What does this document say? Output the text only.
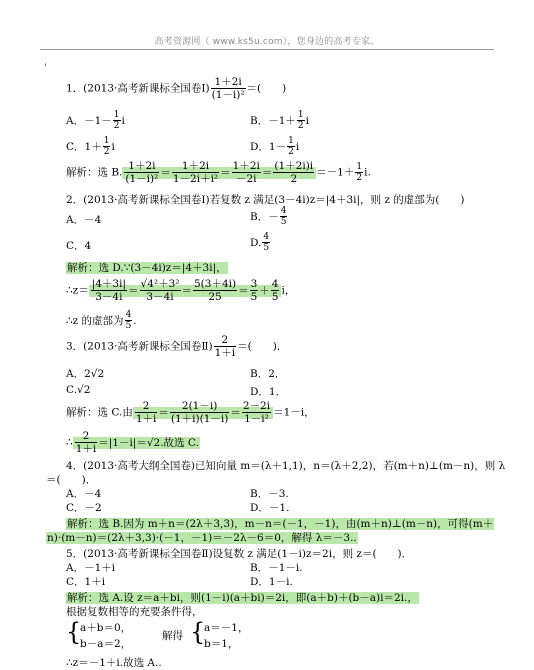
高考资源网（ www.ks5u.com），您身边的高考专家。
'
1．(2013·高考新课标全国卷Ⅰ) $\frac{1+2i}{\text{(1－i)²}}$ ＝(　　)
A．$-1- \frac{1}{2}$ i	B．$-1+ \frac{1}{2}$ i
C．$1+ \frac{1}{2}$ i	D．$1- \frac{1}{2}$ i
解析：选 B. $\frac{1+2i}{\text{(1－i)²}} = \frac{1+2i}{\text{1－2i＋i²}} = \frac{1+2i}{-2i} = \frac{(1+2i)i}{2} =-1+ \frac{1}{2} i$.
2．(2013·高考新课标全国卷Ⅰ)若复数 z 满足(3－4i)z＝|4＋3i|，则 z 的虚部为(　　)
A．－4	B．－ $\frac{4}{5}$
C．4	D. $\frac{4}{5}$
解析：选 D.∵(3－4i)z＝|4＋3i|，
∴z＝ $\frac{|4+3i|}{3-4i} = \frac{\text{√4²＋3²}}{3-4i} = \frac{5(3+4i)}{25} = \frac{3}{5} + \frac{4}{5}$ i，
∴z 的虚部为 $\frac{4}{5}$ .
3．(2013·高考新课标全国卷Ⅱ) $\frac{2}{1+i}$ ＝(　　)．
A．2√2	B．2．
C.√2	D．1．
解析：选 C.由 $\frac{2}{1+i} = \frac{2(1-i)}{(1+i)(1-i)} = \frac{2-2i}{\text{1－i²}} =1-i$，
∴ $\frac{2}{1+i} =|1-i|=√2$.故选 C.
4．(2013·高考大纲全国卷)已知向量 m＝(λ＋1,1)，n＝(λ＋2,2)，若(m＋n)⊥(m－n)，则 λ
＝(　　)．
A．－4	B．－3.
C．－2	D．－1.
解析：选 B.因为 m＋n＝(2λ＋3,3)，m－n＝(－1，－1)，由(m＋n)⊥(m－n)，可得(m＋
n)·(m－n)＝(2λ＋3,3)·(－1，－1)＝－2λ－6＝0，解得 λ＝－3..
5．(2013·高考新课标全国卷Ⅱ)设复数 z 满足(1－i)z＝2i，则 z＝(　　)．
A．－1＋i	B．－1－i.
C．1＋i	D．1－i.
解析：选 A.设 z＝a＋bi，则(1－i)(a＋bi)＝2i，即(a＋b)＋(b－a)i＝2i.，
根据复数相等的充要条件得，
{
a＋b＝0，
b－a＝2，
解得 {
a＝－1，
b＝1，
∴z＝－1＋i.故选 A..
